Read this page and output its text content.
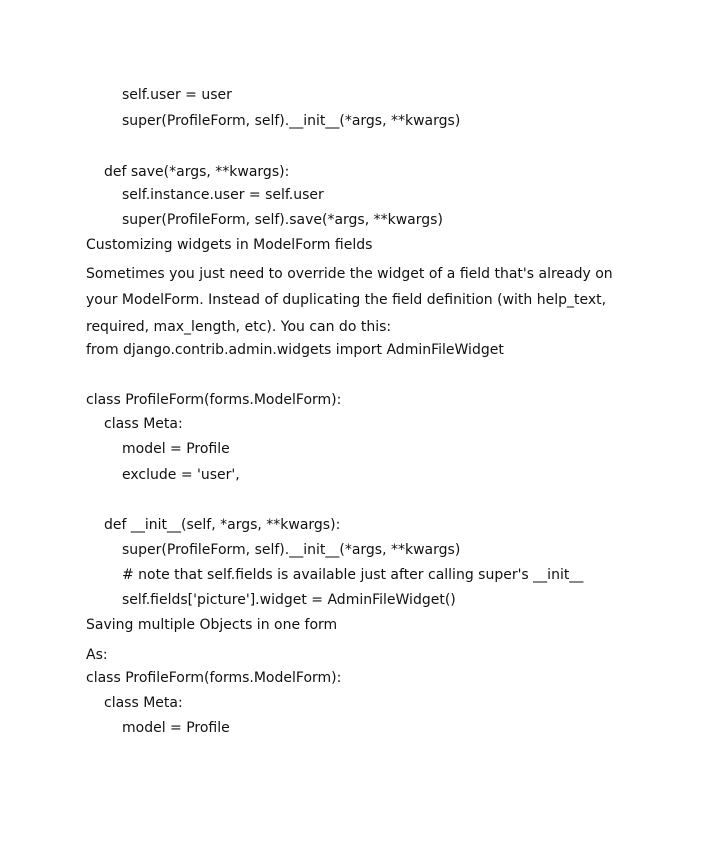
self.user = user
super(ProfileForm, self).__init__(*args, **kwargs)
def save(*args, **kwargs):
self.instance.user = self.user
super(ProfileForm, self).save(*args, **kwargs)
Customizing widgets in ModelForm fields
Sometimes you just need to override the widget of a field that's already on
your ModelForm. Instead of duplicating the field definition (with help_text,
required, max_length, etc). You can do this:
from django.contrib.admin.widgets import AdminFileWidget
class ProfileForm(forms.ModelForm):
class Meta:
model = Profile
exclude = 'user',
def __init__(self, *args, **kwargs):
super(ProfileForm, self).__init__(*args, **kwargs)
# note that self.fields is available just after calling super's __init__
self.fields['picture'].widget = AdminFileWidget()
Saving multiple Objects in one form
As:
class ProfileForm(forms.ModelForm):
class Meta:
model = Profile
